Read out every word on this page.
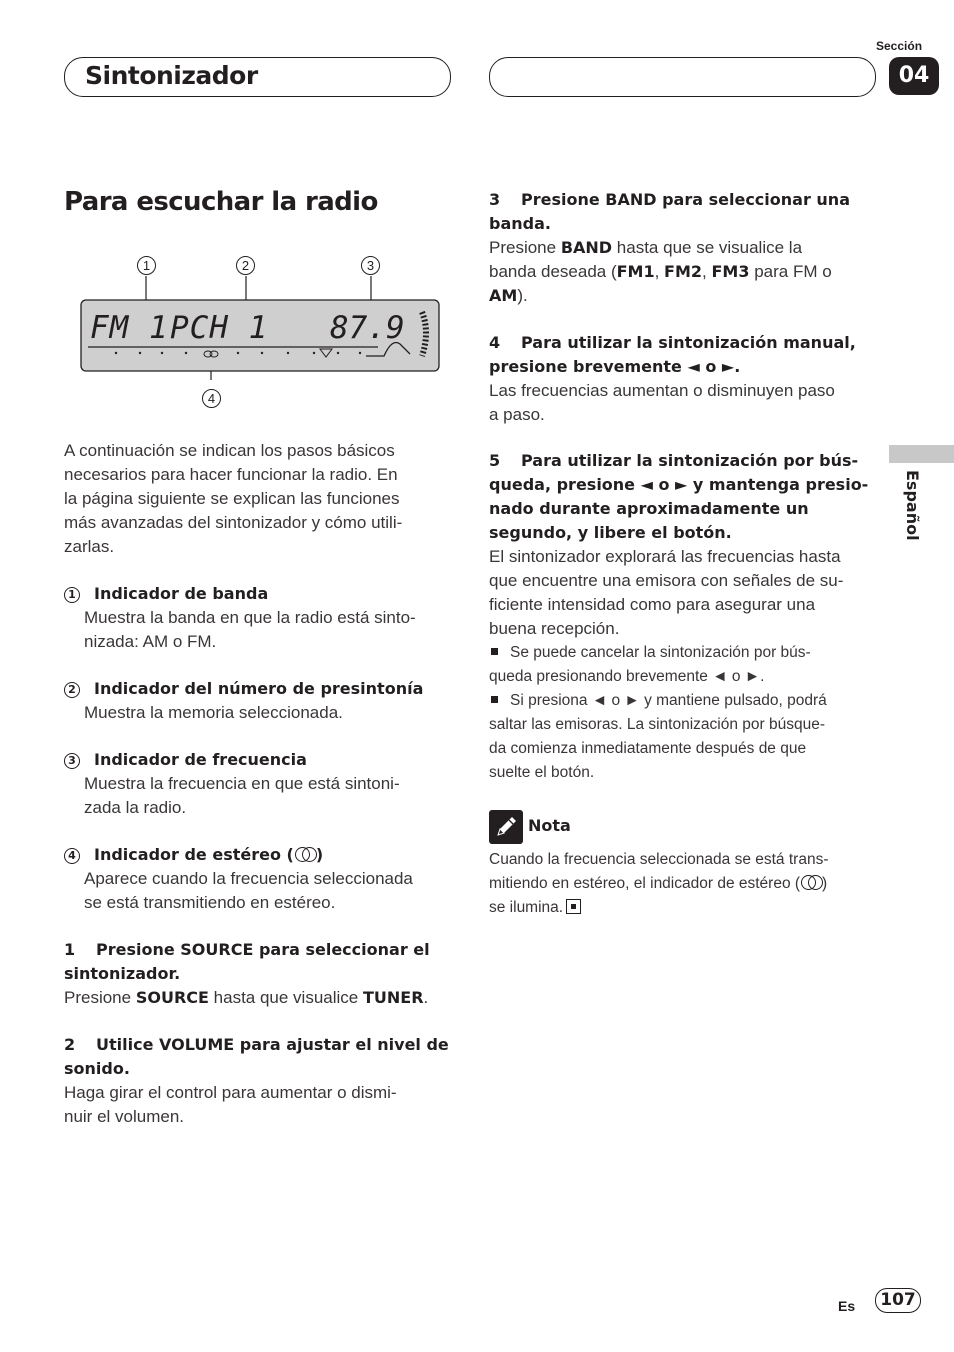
Sintonizador
Sección
04
Español
Para escuchar la radio
1	2	3
FM 1 PCH 1 87.9
4
A continuación se indican los pasos básicos
necesarios para hacer funcionar la radio. En
la página siguiente se explican las funciones
más avanzadas del sintonizador y cómo utili-
zarlas.
1 Indicador de banda
Muestra la banda en que la radio está sinto-
nizada: AM o FM.
2 Indicador del número de presintonía
Muestra la memoria seleccionada.
3 Indicador de frecuencia
Muestra la frecuencia en que está sintoni-
zada la radio.
4 Indicador de estéreo ( )
Aparece cuando la frecuencia seleccionada
se está transmitiendo en estéreo.
1 Presione SOURCE para seleccionar el
sintonizador.
Presione SOURCE hasta que visualice TUNER.
2 Utilice VOLUME para ajustar el nivel de
sonido.
Haga girar el control para aumentar o dismi-
nuir el volumen.
3 Presione BAND para seleccionar una
banda.
Presione BAND hasta que se visualice la
banda deseada (FM1, FM2, FM3 para FM o
AM).
4 Para utilizar la sintonización manual,
presione brevemente ◄ o ►.
Las frecuencias aumentan o disminuyen paso
a paso.
5 Para utilizar la sintonización por bús-
queda, presione ◄ o ► y mantenga presio-
nado durante aproximadamente un
segundo, y libere el botón.
El sintonizador explorará las frecuencias hasta
que encuentre una emisora con señales de su-
ficiente intensidad como para asegurar una
buena recepción.
Se puede cancelar la sintonización por bús-
queda presionando brevemente ◄ o ►.
Si presiona ◄ o ► y mantiene pulsado, podrá
saltar las emisoras. La sintonización por búsque-
da comienza inmediatamente después de que
suelte el botón.
Nota
Cuando la frecuencia seleccionada se está trans-
mitiendo en estéreo, el indicador de estéreo ( )
se ilumina.
Es	107
